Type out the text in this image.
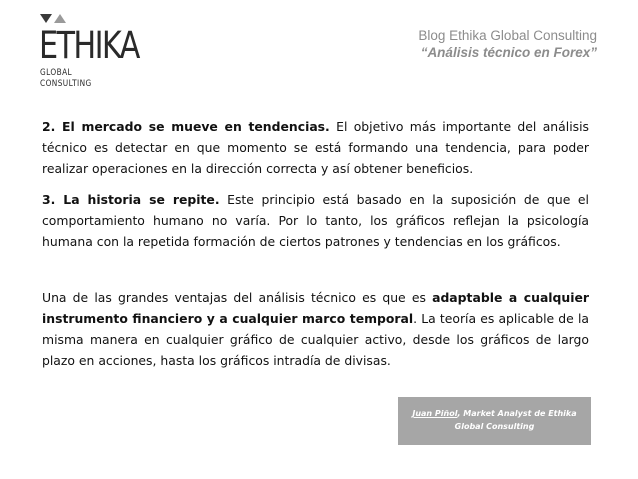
ETHIKA
GLOBAL CONSULTING
Blog Ethika Global Consulting
“Análisis técnico en Forex”

2. El mercado se mueve en tendencias. El objetivo más importante del análisis técnico es detectar en que momento se está formando una tendencia, para poder realizar operaciones en la dirección correcta y así obtener beneficios.

3. La historia se repite. Este principio está basado en la suposición de que el comportamiento humano no varía. Por lo tanto, los gráficos reflejan la psicología humana con la repetida formación de ciertos patrones y tendencias en los gráficos.

Una de las grandes ventajas del análisis técnico es que es adaptable a cualquier instrumento financiero y a cualquier marco temporal. La teoría es aplicable de la misma manera en cualquier gráfico de cualquier activo, desde los gráficos de largo plazo en acciones, hasta los gráficos intradía de divisas.

Juan Piñol, Market Analyst de Ethika Global Consulting
